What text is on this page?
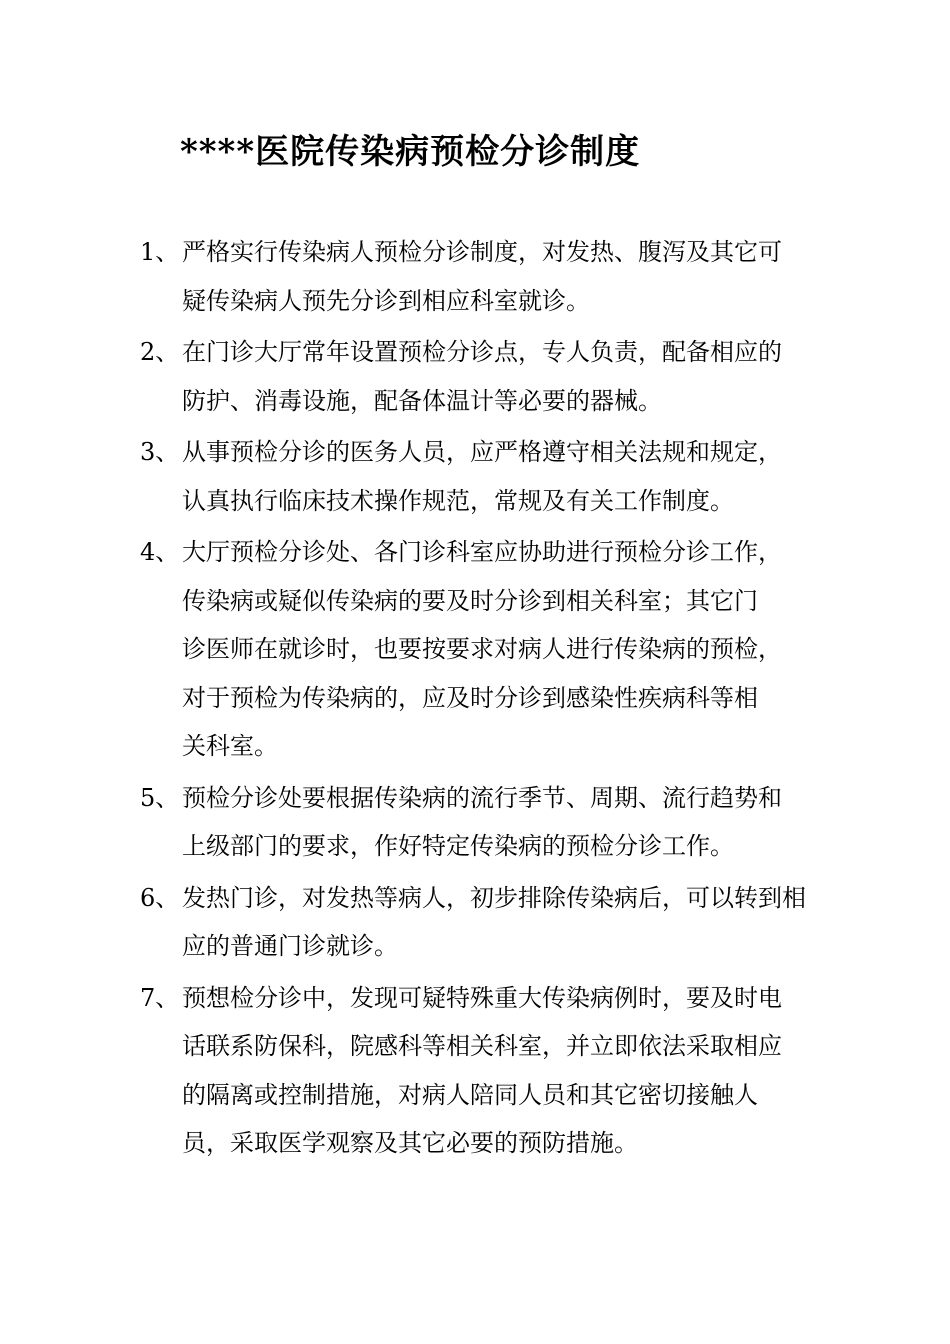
****医院传染病预检分诊制度
1、 严格实行传染病人预检分诊制度，对发热、腹泻及其它可
疑传染病人预先分诊到相应科室就诊。
2、 在门诊大厅常年设置预检分诊点，专人负责，配备相应的
防护、消毒设施，配备体温计等必要的器械。
3、 从事预检分诊的医务人员，应严格遵守相关法规和规定，
认真执行临床技术操作规范，常规及有关工作制度。
4、 大厅预检分诊处、各门诊科室应协助进行预检分诊工作，
传染病或疑似传染病的要及时分诊到相关科室；其它门
诊医师在就诊时，也要按要求对病人进行传染病的预检，
对于预检为传染病的，应及时分诊到感染性疾病科等相
关科室。
5、 预检分诊处要根据传染病的流行季节、周期、流行趋势和
上级部门的要求，作好特定传染病的预检分诊工作。
6、 发热门诊，对发热等病人，初步排除传染病后，可以转到相
应的普通门诊就诊。
7、 预想检分诊中，发现可疑特殊重大传染病例时，要及时电
话联系防保科，院感科等相关科室，并立即依法采取相应
的隔离或控制措施，对病人陪同人员和其它密切接触人
员，采取医学观察及其它必要的预防措施。
